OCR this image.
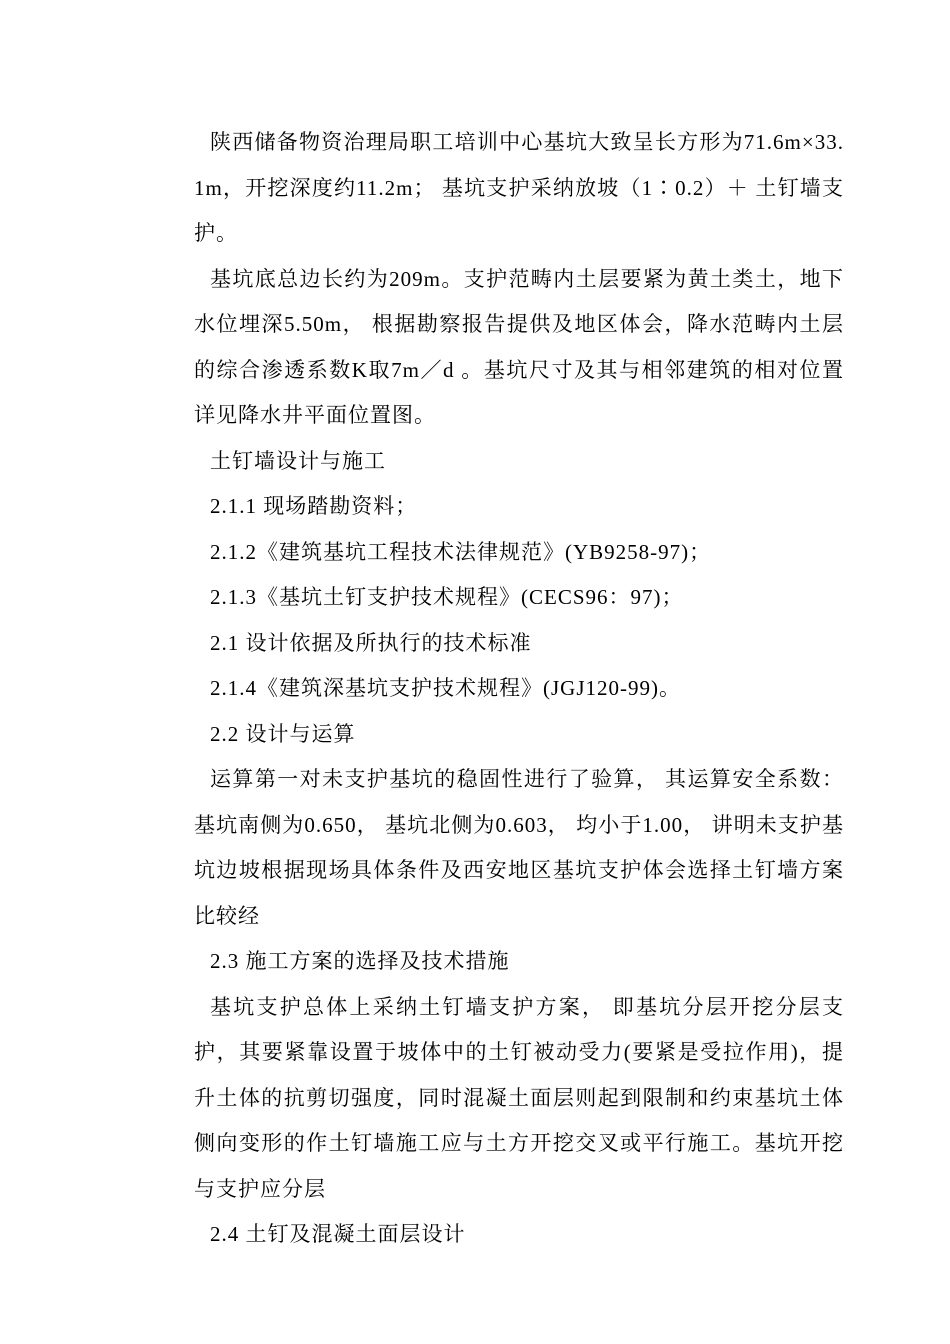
陕西储备物资治理局职工培训中心基坑大致呈长方形为71.6m×33.1m，开挖深度约11.2m； 基坑支护采纳放坡（1∶0.2）＋ 土钉墙支护。

基坑底总边长约为209m。支护范畴内土层要紧为黄土类土，地下水位埋深5.50m， 根据勘察报告提供及地区体会，降水范畴内土层的综合渗透系数K取7m／d 。基坑尺寸及其与相邻建筑的相对位置详见降水井平面位置图。

土钉墙设计与施工

2.1.1 现场踏勘资料；

2.1.2《建筑基坑工程技术法律规范》(YB9258-97)；

2.1.3《基坑土钉支护技术规程》(CECS96：97)；

2.1 设计依据及所执行的技术标准

2.1.4《建筑深基坑支护技术规程》(JGJ120-99)。

2.2 设计与运算

运算第一对未支护基坑的稳固性进行了验算， 其运算安全系数： 基坑南侧为0.650， 基坑北侧为0.603， 均小于1.00， 讲明未支护基坑边坡根据现场具体条件及西安地区基坑支护体会选择土钉墙方案比较经

2.3 施工方案的选择及技术措施

基坑支护总体上采纳土钉墙支护方案， 即基坑分层开挖分层支护，其要紧靠设置于坡体中的土钉被动受力(要紧是受拉作用)，提升土体的抗剪切强度，同时混凝土面层则起到限制和约束基坑土体侧向变形的作土钉墙施工应与土方开挖交叉或平行施工。基坑开挖与支护应分层

2.4 土钉及混凝土面层设计
